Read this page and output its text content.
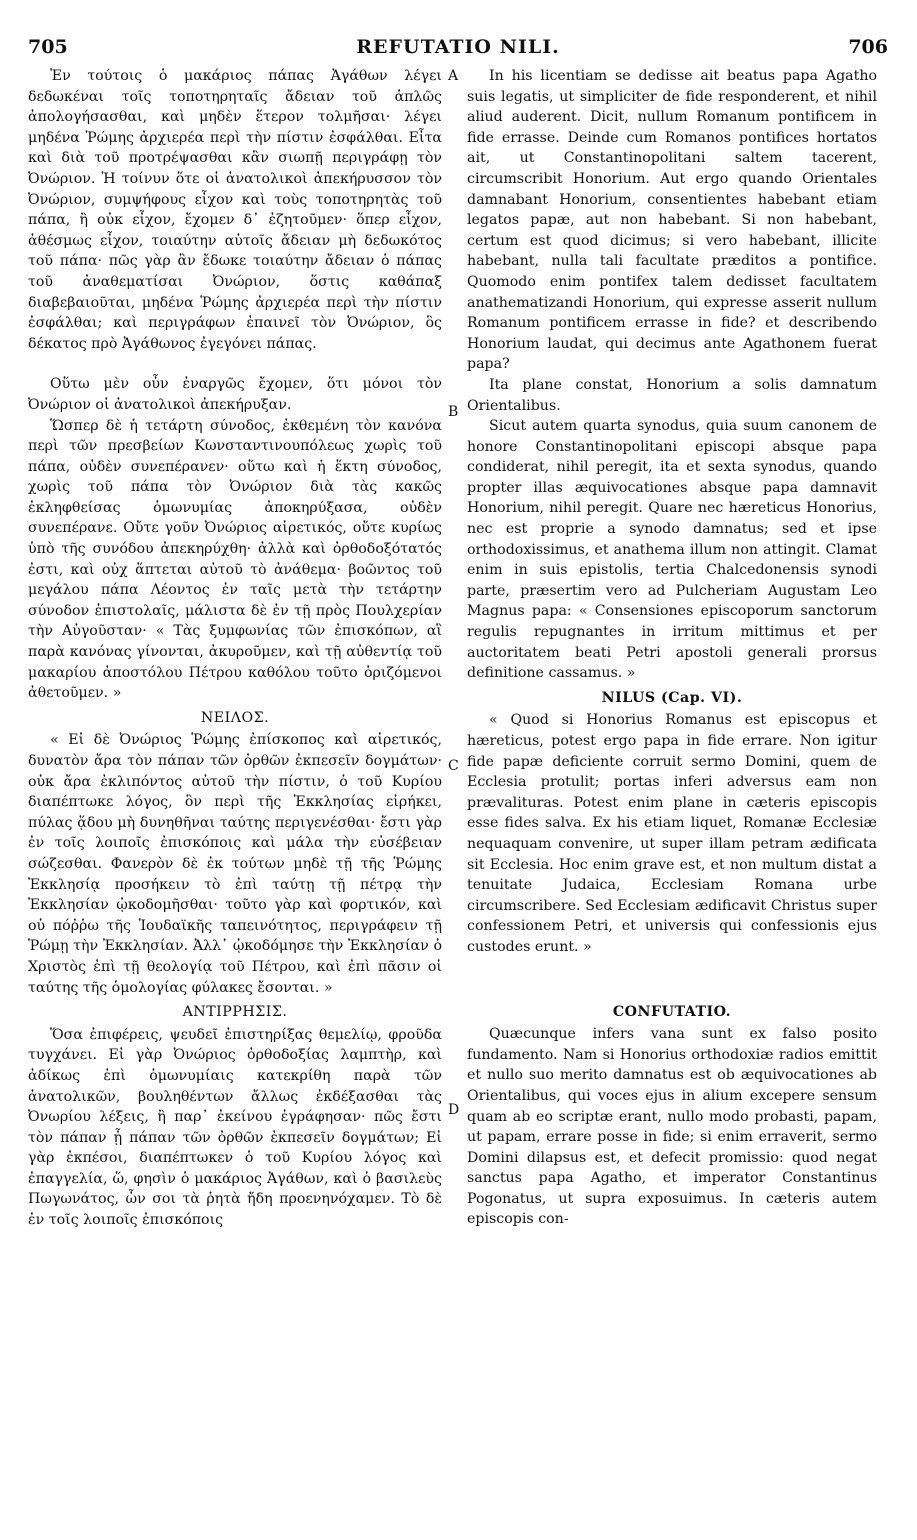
705	REFUTATIO NILI.	706
A
B
C
D

Ἐν τούτοις ὁ μακάριος πάπας Ἀγάθων λέγει δεδωκέναι τοῖς τοποτηρηταῖς ἄδειαν τοῦ ἁπλῶς ἀπολογήσασθαι, καὶ μηδὲν ἕτερον τολμῆσαι· λέγει μηδένα Ῥώμης ἀρχιερέα περὶ τὴν πίστιν ἐσφάλθαι. Εἶτα καὶ διὰ τοῦ προτρέψασθαι κἂν σιωπῇ περιγράφῃ τὸν Ὀνώριον. Ἡ τοίνυν ὅτε οἱ ἀνατολικοὶ ἀπεκήρυσσον τὸν Ὀνώριον, συμψήφους εἶχον καὶ τοὺς τοποτηρητὰς τοῦ πάπα, ἢ οὐκ εἶχον, ἔχομεν δ᾽ ἐζητοῦμεν· ὅπερ εἶχον, ἀθέσμως εἶχον, τοιαύτην αὐτοῖς ἄδειαν μὴ δεδωκότος τοῦ πάπα· πῶς γὰρ ἂν ἔδωκε τοιαύτην ἄδειαν ὁ πάπας τοῦ ἀναθεματίσαι Ὀνώριον, ὅστις καθάπαξ διαβεβαιοῦται, μηδένα Ῥώμης ἀρχιερέα περὶ τὴν πίστιν ἐσφάλθαι; καὶ περιγράφων ἐπαινεῖ τὸν Ὀνώριον, ὃς δέκατος πρὸ Ἀγάθωνος ἐγεγόνει πάπας.

Οὕτω μὲν οὖν ἐναργῶς ἔχομεν, ὅτι μόνοι τὸν Ὀνώριον οἱ ἀνατολικοὶ ἀπεκήρυξαν.

Ὥσπερ δὲ ἡ τετάρτη σύνοδος, ἐκθεμένη τὸν κανόνα περὶ τῶν πρεσβείων Κωνσταντινουπόλεως χωρὶς τοῦ πάπα, οὐδὲν συνεπέρανεν· οὕτω καὶ ἡ ἕκτη σύνοδος, χωρὶς τοῦ πάπα τὸν Ὀνώριον διὰ τὰς κακῶς ἐκληφθείσας ὁμωνυμίας ἀποκηρύξασα, οὐδὲν συνεπέρανε. Οὔτε γοῦν Ὀνώριος αἱρετικός, οὔτε κυρίως ὑπὸ τῆς συνόδου ἀπεκηρύχθη· ἀλλὰ καὶ ὀρθοδοξότατός ἐστι, καὶ οὐχ ἅπτεται αὐτοῦ τὸ ἀνάθεμα· βοῶντος τοῦ μεγάλου πάπα Λέοντος ἐν ταῖς μετὰ τὴν τετάρτην σύνοδον ἐπιστολαῖς, μάλιστα δὲ ἐν τῇ πρὸς Πουλχερίαν τὴν Αὐγοῦσταν· « Τὰς ξυμφωνίας τῶν ἐπισκόπων, αἳ παρὰ κανόνας γίνονται, ἀκυροῦμεν, καὶ τῇ αὐθεντίᾳ τοῦ μακαρίου ἀποστόλου Πέτρου καθόλου τοῦτο ὁριζόμενοι ἀθετοῦμεν. »

ΝΕΙΛΟΣ.

« Εἰ δὲ Ὀνώριος Ῥώμης ἐπίσκοπος καὶ αἱρετικός, δυνατὸν ἄρα τὸν πάπαν τῶν ὀρθῶν ἐκπεσεῖν δογμάτων· οὐκ ἄρα ἐκλιπόντος αὐτοῦ τὴν πίστιν, ὁ τοῦ Κυρίου διαπέπτωκε λόγος, ὃν περὶ τῆς Ἐκκλησίας εἰρήκει, πύλας ᾅδου μὴ δυνηθῆναι ταύτης περιγενέσθαι· ἔστι γὰρ ἐν τοῖς λοιποῖς ἐπισκόποις καὶ μάλα τὴν εὐσέβειαν σώζεσθαι. Φανερὸν δὲ ἐκ τούτων μηδὲ τῇ τῆς Ῥώμης Ἐκκλησίᾳ προσήκειν τὸ ἐπὶ ταύτῃ τῇ πέτρᾳ τὴν Ἐκκλησίαν ᾠκοδομῆσθαι· τοῦτο γὰρ καὶ φορτικόν, καὶ οὐ πόῤῥω τῆς Ἰουδαϊκῆς ταπεινότητος, περιγράφειν τῇ Ῥώμῃ τὴν Ἐκκλησίαν. Ἀλλ᾽ ᾠκοδόμησε τὴν Ἐκκλησίαν ὁ Χριστὸς ἐπὶ τῇ θεολογίᾳ τοῦ Πέτρου, καὶ ἐπὶ πᾶσιν οἱ ταύτης τῆς ὁμολογίας φύλακες ἔσονται. »

ΑΝΤΙΡΡΗΣΙΣ.

Ὅσα ἐπιφέρεις, ψευδεῖ ἐπιστηρίξας θεμελίῳ, φροῦδα τυγχάνει. Εἰ γὰρ Ὀνώριος ὀρθοδοξίας λαμπτὴρ, καὶ ἀδίκως ἐπὶ ὁμωνυμίαις κατεκρίθη παρὰ τῶν ἀνατολικῶν, βουληθέντων ἄλλως ἐκδέξασθαι τὰς Ὀνωρίου λέξεις, ἢ παρ᾽ ἐκείνου ἐγράφησαν· πῶς ἔστι τὸν πάπαν ᾗ πάπαν τῶν ὀρθῶν ἐκπεσεῖν δογμάτων; Εἰ γὰρ ἐκπέσοι, διαπέπτωκεν ὁ τοῦ Κυρίου λόγος καὶ ἐπαγγελία, ὥ, φησὶν ὁ μακάριος Ἀγάθων, καὶ ὁ βασιλεὺς Πωγωνάτος, ὧν σοι τὰ ῥητὰ ἤδη προενηνόχαμεν. Τὸ δὲ ἐν τοῖς λοιποῖς ἐπισκόποις

In his licentiam se dedisse ait beatus papa Agatho suis legatis, ut simpliciter de fide responderent, et nihil aliud auderent. Dicit, nullum Romanum pontificem in fide errasse. Deinde cum Romanos pontifices hortatos ait, ut Constantinopolitani saltem tacerent, circumscribit Honorium. Aut ergo quando Orientales damnabant Honorium, consentientes habebant etiam legatos papæ, aut non habebant. Si non habebant, certum est quod dicimus; si vero habebant, illicite habebant, nulla tali facultate præditos a pontifice. Quomodo enim pontifex talem dedisset facultatem anathematizandi Honorium, qui expresse asserit nullum Romanum pontificem errasse in fide? et describendo Honorium laudat, qui decimus ante Agathonem fuerat papa?

Ita plane constat, Honorium a solis damnatum Orientalibus.

Sicut autem quarta synodus, quia suum canonem de honore Constantinopolitani episcopi absque papa condiderat, nihil peregit, ita et sexta synodus, quando propter illas æquivocationes absque papa damnavit Honorium, nihil peregit. Quare nec hæreticus Honorius, nec est proprie a synodo damnatus; sed et ipse orthodoxissimus, et anathema illum non attingit. Clamat enim in suis epistolis, tertia Chalcedonensis synodi parte, præsertim vero ad Pulcheriam Augustam Leo Magnus papa: « Consensiones episcoporum sanctorum regulis repugnantes in irritum mittimus et per auctoritatem beati Petri apostoli generali prorsus definitione cassamus. »

NILUS (Cap. VI).

« Quod si Honorius Romanus est episcopus et hæreticus, potest ergo papa in fide errare. Non igitur fide papæ deficiente corruit sermo Domini, quem de Ecclesia protulit; portas inferi adversus eam non prævalituras. Potest enim plane in cæteris episcopis esse fides salva. Ex his etiam liquet, Romanæ Ecclesiæ nequaquam convenire, ut super illam petram ædificata sit Ecclesia. Hoc enim grave est, et non multum distat a tenuitate Judaica, Ecclesiam Romana urbe circumscribere. Sed Ecclesiam ædificavit Christus super confessionem Petri, et universis qui confessionis ejus custodes erunt. »

CONFUTATIO.

Quæcunque infers vana sunt ex falso posito fundamento. Nam si Honorius orthodoxiæ radios emittit et nullo suo merito damnatus est ob æquivocationes ab Orientalibus, qui voces ejus in alium excepere sensum quam ab eo scriptæ erant, nullo modo probasti, papam, ut papam, errare posse in fide; si enim erraverit, sermo Domini dilapsus est, et defecit promissio: quod negat sanctus papa Agatho, et imperator Constantinus Pogonatus, ut supra exposuimus. In cæteris autem episcopis con-
